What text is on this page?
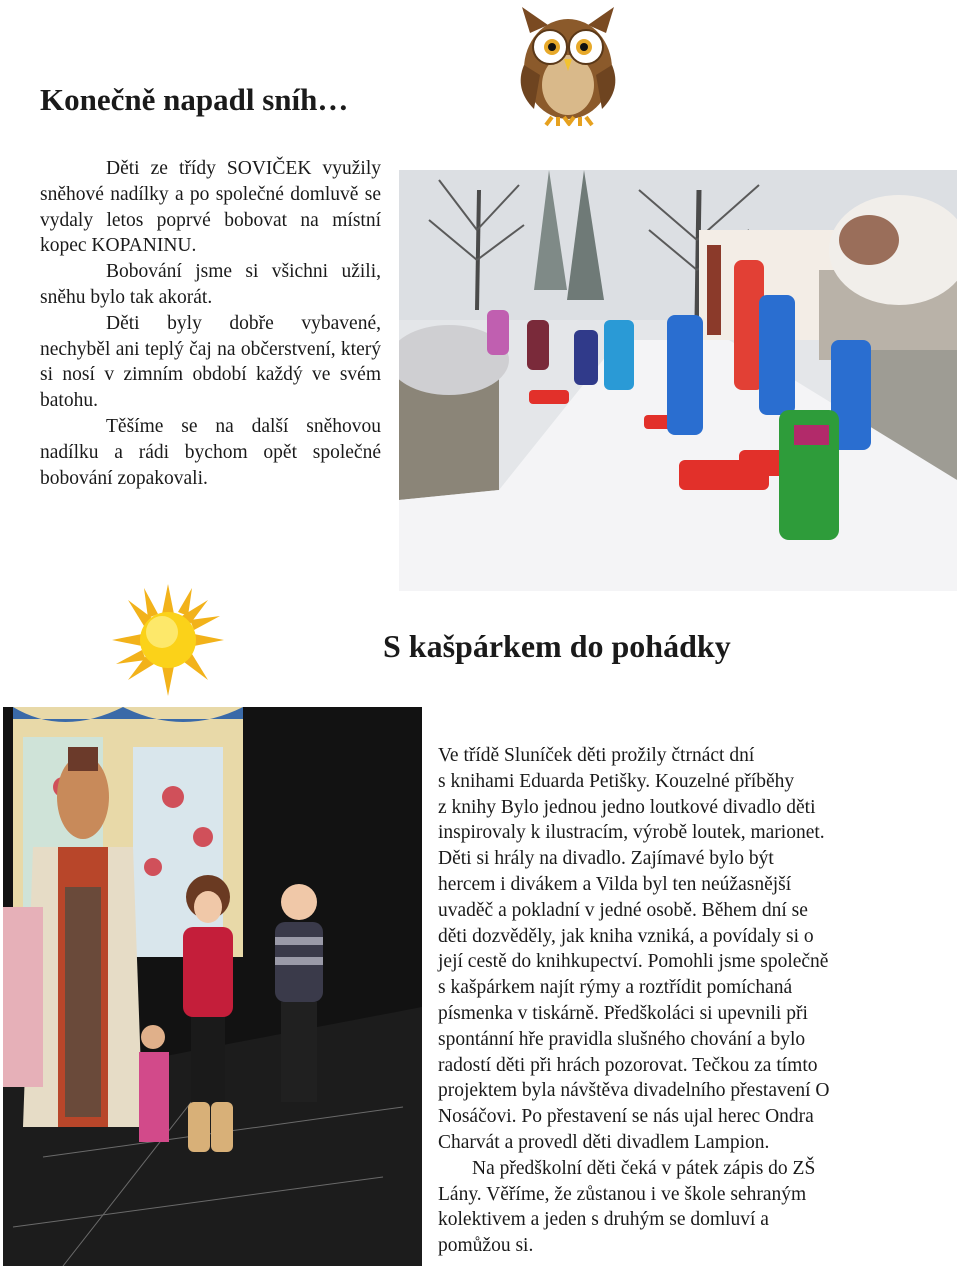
Konečně napadl sníh…

Děti ze třídy SOVIČEK využily sněhové nadílky a po společné domluvě se vydaly letos poprvé bobovat na místní kopec KOPANINU.

Bobování jsme si všichni užili, sněhu bylo tak akorát.

Děti byly dobře vybavené, nechyběl ani teplý čaj na občerstvení, který si nosí v zimním období každý ve svém batohu.

Těšíme se na další sněhovou nadílku a rádi bychom opět společné bobování zopakovali.

S kašpárkem do pohádky
Ve třídě Sluníček děti prožily čtrnáct dní
s knihami Eduarda Petišky. Kouzelné příběhy
z knihy Bylo jednou jedno loutkové divadlo děti
inspirovaly k ilustracím, výrobě loutek, marionet.
Děti si hrály na divadlo. Zajímavé bylo být
hercem i divákem a Vilda byl ten neúžasnější
uvaděč a pokladní v jedné osobě. Během dní se
děti dozvěděly, jak kniha vzniká, a povídaly si o
její cestě do knihkupectví. Pomohli jsme společně
s kašpárkem najít rýmy a roztřídit pomíchaná
písmenka v tiskárně. Předškoláci si upevnili při
spontánní hře pravidla slušného chování a bylo
radostí děti při hrách pozorovat. Tečkou za tímto
projektem byla návštěva divadelního přestavení O
Nosáčovi. Po přestavení se nás ujal herec Ondra
Charvát a provedl děti divadlem Lampion.
Na předškolní děti čeká v pátek zápis do ZŠ
Lány. Věříme, že zůstanou i ve škole sehraným
kolektivem a jeden s druhým se domluví a
pomůžou si.
